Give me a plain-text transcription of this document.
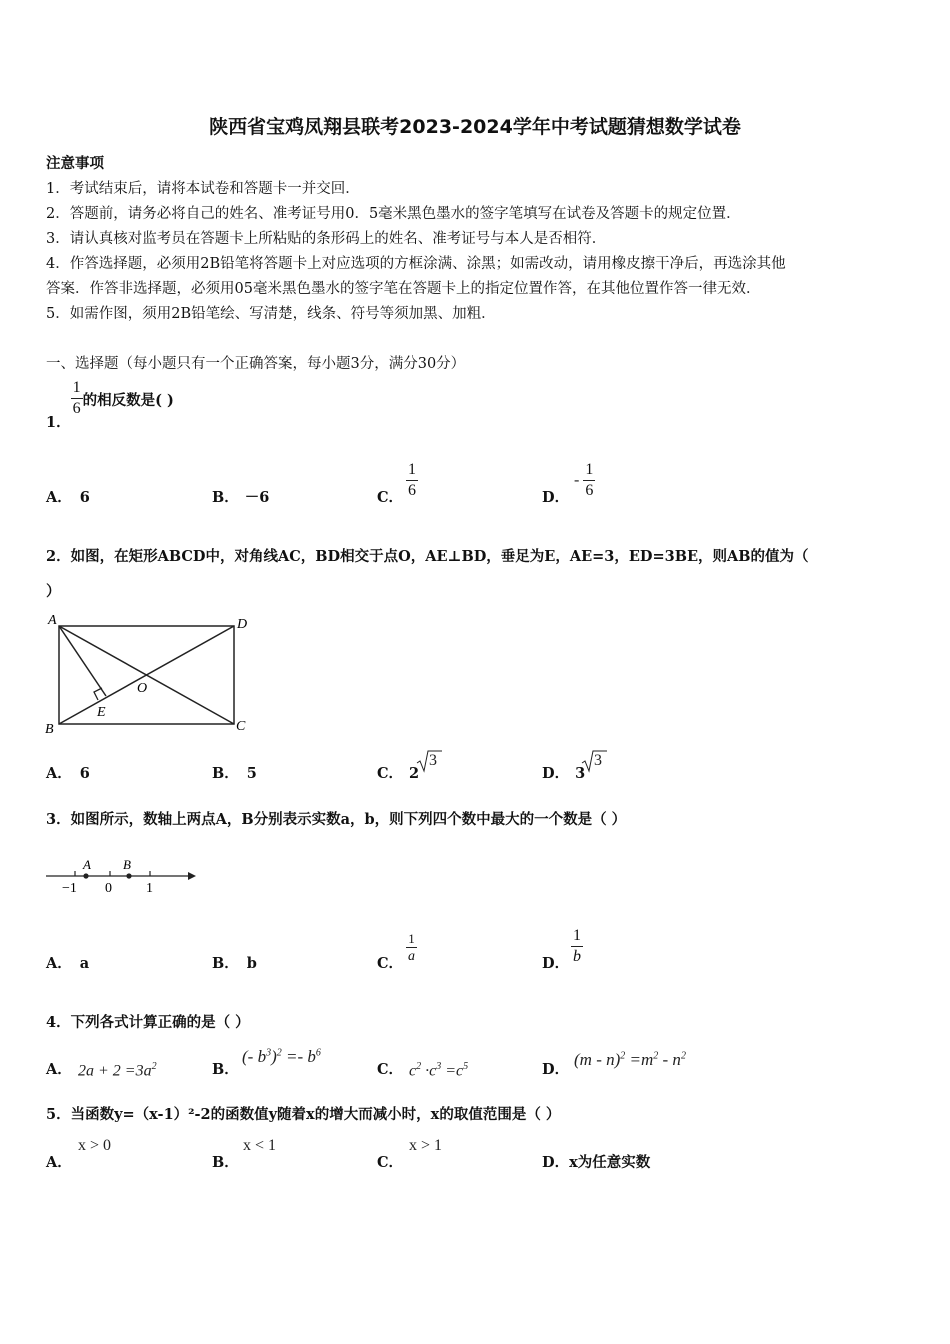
陕西省宝鸡凤翔县联考2023-2024学年中考试题猜想数学试卷
注意事项
1．考试结束后，请将本试卷和答题卡一并交回．
2．答题前，请务必将自己的姓名、准考证号用0．5毫米黑色墨水的签字笔填写在试卷及答题卡的规定位置．
3．请认真核对监考员在答题卡上所粘贴的条形码上的姓名、准考证号与本人是否相符．
4．作答选择题，必须用2B铅笔将答题卡上对应选项的方框涂满、涂黑；如需改动，请用橡皮擦干净后，再选涂其他
答案．作答非选择题，必须用05毫米黑色墨水的签字笔在答题卡上的指定位置作答，在其他位置作答一律无效．
5．如需作图，须用2B铅笔绘、写清楚，线条、符号等须加黑、加粗．
一、选择题（每小题只有一个正确答案，每小题3分，满分30分）
1．
$\frac{1}{6}$ 的相反数是( )
A． 6	B． －6	C． $\frac{1}{6}$	D．
- $\frac{1}{6}$
2．如图，在矩形ABCD中，对角线AC，BD相交于点O，AE⊥BD，垂足为E，AE=3，ED=3BE，则AB的值为（
）
A	D
B	C
E
O
A． 6	B． 5	C． 2
3
D． 3
3
3．如图所示，数轴上两点A，B分别表示实数a，b，则下列四个数中最大的一个数是（ ）
A B
−1 0 1
A． a	B． b	C． $\frac{1}{a}$	D． $\frac{1}{b}$
4．下列各式计算正确的是（ ）
A． $2a + 2 =3a^2$	B．
(- $b^3)^2 =- b^6$
C． $c^2 \cdot c^3 =c^5$	D．
$(m - n)^2 =m^2 - n^2$
5．当函数y=（x-1）²-2的函数值y随着x的增大而减小时，x的取值范围是（ ）
A．
x > 0
B．
x < 1
C．
x > 1
D．x为任意实数
